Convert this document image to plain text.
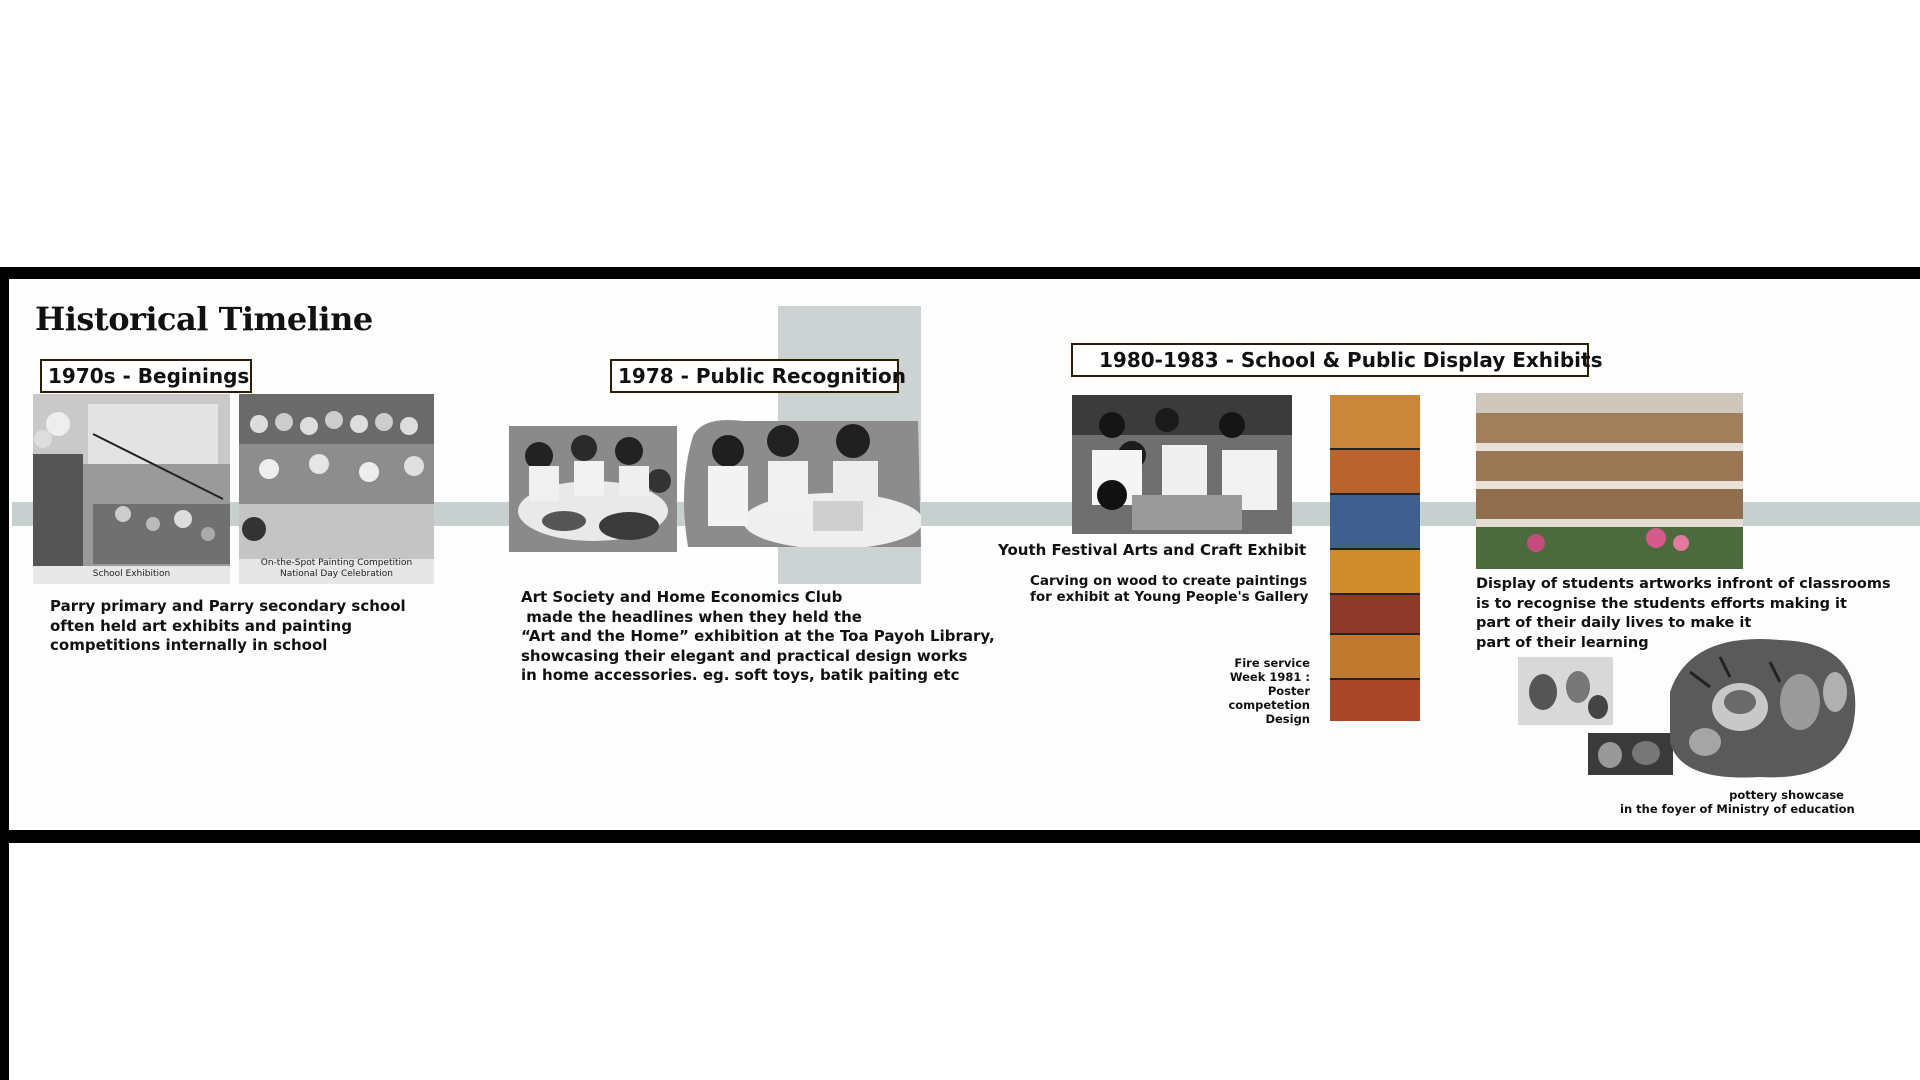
Historical Timeline
1970s - Beginings
School Exhibition
On-the-Spot Painting Competition
National Day Celebration
Parry primary and Parry secondary school
often held art exhibits and painting
competitions internally in school
1978 - Public Recognition
Art Society and Home Economics Club
made the headlines when they held the
“Art and the Home” exhibition at the Toa Payoh Library,
showcasing their elegant and practical design works
in home accessories. eg. soft toys, batik paiting etc
1980-1983 - School & Public Display Exhibits
Youth Festival Arts and Craft Exhibit
Carving on wood to create paintings
for exhibit at Young People's Gallery
Fire service
Week 1981 :
Poster
competetion
Design
Display of students artworks infront of classrooms
is to recognise the students efforts making it
part of their daily lives to make it
part of their learning
pottery showcase
in the foyer of Ministry of education
